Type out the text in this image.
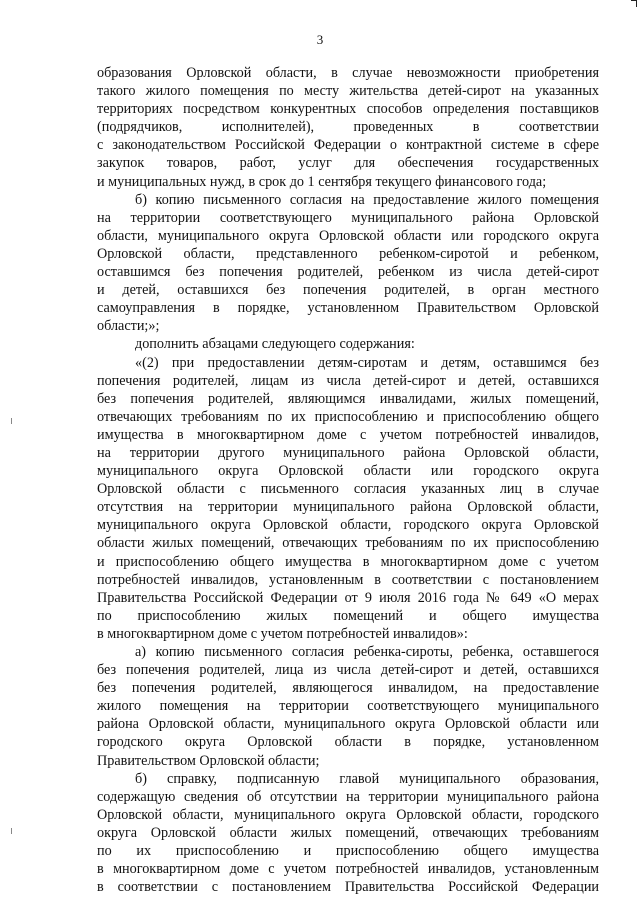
3
образования Орловской области, в случае невозможности приобретения
такого жилого помещения по месту жительства детей-сирот на указанных
территориях посредством конкурентных способов определения поставщиков
(подрядчиков, исполнителей), проведенных в соответствии
с законодательством Российской Федерации о контрактной системе в сфере
закупок товаров, работ, услуг для обеспечения государственных
и муниципальных нужд, в срок до 1 сентября текущего финансового года;
б) копию письменного согласия на предоставление жилого помещения
на территории соответствующего муниципального района Орловской
области, муниципального округа Орловской области или городского округа
Орловской области, представленного ребенком-сиротой и ребенком,
оставшимся без попечения родителей, ребенком из числа детей-сирот
и детей, оставшихся без попечения родителей, в орган местного
самоуправления в порядке, установленном Правительством Орловской
области;»;
дополнить абзацами следующего содержания:
«(2) при предоставлении детям-сиротам и детям, оставшимся без
попечения родителей, лицам из числа детей-сирот и детей, оставшихся
без попечения родителей, являющимся инвалидами, жилых помещений,
отвечающих требованиям по их приспособлению и приспособлению общего
имущества в многоквартирном доме с учетом потребностей инвалидов,
на территории другого муниципального района Орловской области,
муниципального округа Орловской области или городского округа
Орловской области с письменного согласия указанных лиц в случае
отсутствия на территории муниципального района Орловской области,
муниципального округа Орловской области, городского округа Орловской
области жилых помещений, отвечающих требованиям по их приспособлению
и приспособлению общего имущества в многоквартирном доме с учетом
потребностей инвалидов, установленным в соответствии с постановлением
Правительства Российской Федерации от 9 июля 2016 года № 649 «О мерах
по приспособлению жилых помещений и общего имущества
в многоквартирном доме с учетом потребностей инвалидов»:
а) копию письменного согласия ребенка-сироты, ребенка, оставшегося
без попечения родителей, лица из числа детей-сирот и детей, оставшихся
без попечения родителей, являющегося инвалидом, на предоставление
жилого помещения на территории соответствующего муниципального
района Орловской области, муниципального округа Орловской области или
городского округа Орловской области в порядке, установленном
Правительством Орловской области;
б) справку, подписанную главой муниципального образования,
содержащую сведения об отсутствии на территории муниципального района
Орловской области, муниципального округа Орловской области, городского
округа Орловской области жилых помещений, отвечающих требованиям
по их приспособлению и приспособлению общего имущества
в многоквартирном доме с учетом потребностей инвалидов, установленным
в соответствии с постановлением Правительства Российской Федерации
